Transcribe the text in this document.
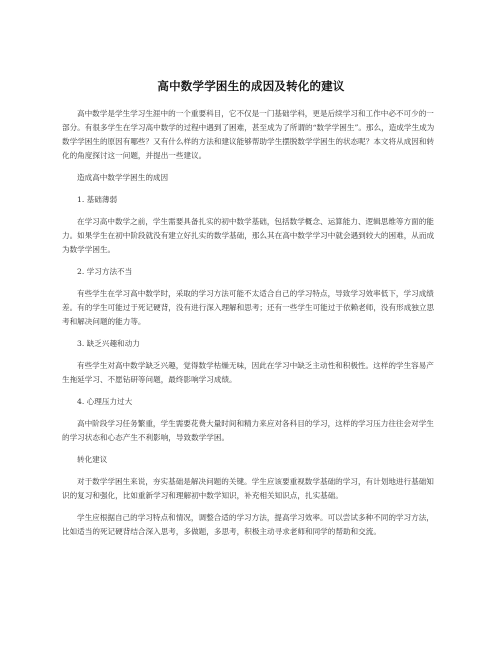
高中数学学困生的成因及转化的建议
高中数学是学生学习生涯中的一个重要科目，它不仅是一门基础学科，更是后续学习和工作中必不可少的一部分。有很多学生在学习高中数学的过程中遇到了困难，甚至成为了所谓的“数学学困生”。那么，造成学生成为数学学困生的原因有哪些？又有什么样的方法和建议能够帮助学生摆脱数学学困生的状态呢？本文将从成因和转化的角度探讨这一问题，并提出一些建议。
造成高中数学学困生的成因
1. 基础薄弱
在学习高中数学之前，学生需要具备扎实的初中数学基础，包括数学概念、运算能力、逻辑思维等方面的能力。如果学生在初中阶段就没有建立好扎实的数学基础，那么其在高中数学学习中就会遇到较大的困难，从而成为数学学困生。
2. 学习方法不当
有些学生在学习高中数学时，采取的学习方法可能不太适合自己的学习特点，导致学习效率低下，学习成绩差。有的学生可能过于死记硬背，没有进行深入理解和思考；还有一些学生可能过于依赖老师，没有形成独立思考和解决问题的能力等。
3. 缺乏兴趣和动力
有些学生对高中数学缺乏兴趣，觉得数学枯燥无味，因此在学习中缺乏主动性和积极性。这样的学生容易产生拖延学习、不愿钻研等问题，最终影响学习成绩。
4. 心理压力过大
高中阶段学习任务繁重，学生需要花费大量时间和精力来应对各科目的学习，这样的学习压力往往会对学生的学习状态和心态产生不利影响，导致数学学困。
转化建议
对于数学学困生来说，夯实基础是解决问题的关键。学生应该要重视数学基础的学习，有计划地进行基础知识的复习和强化，比如重新学习和理解初中数学知识，补充相关知识点，扎实基础。
学生应根据自己的学习特点和情况，调整合适的学习方法，提高学习效率。可以尝试多种不同的学习方法，比如适当的死记硬背结合深入思考，多做题，多思考，积极主动寻求老师和同学的帮助和交流。
